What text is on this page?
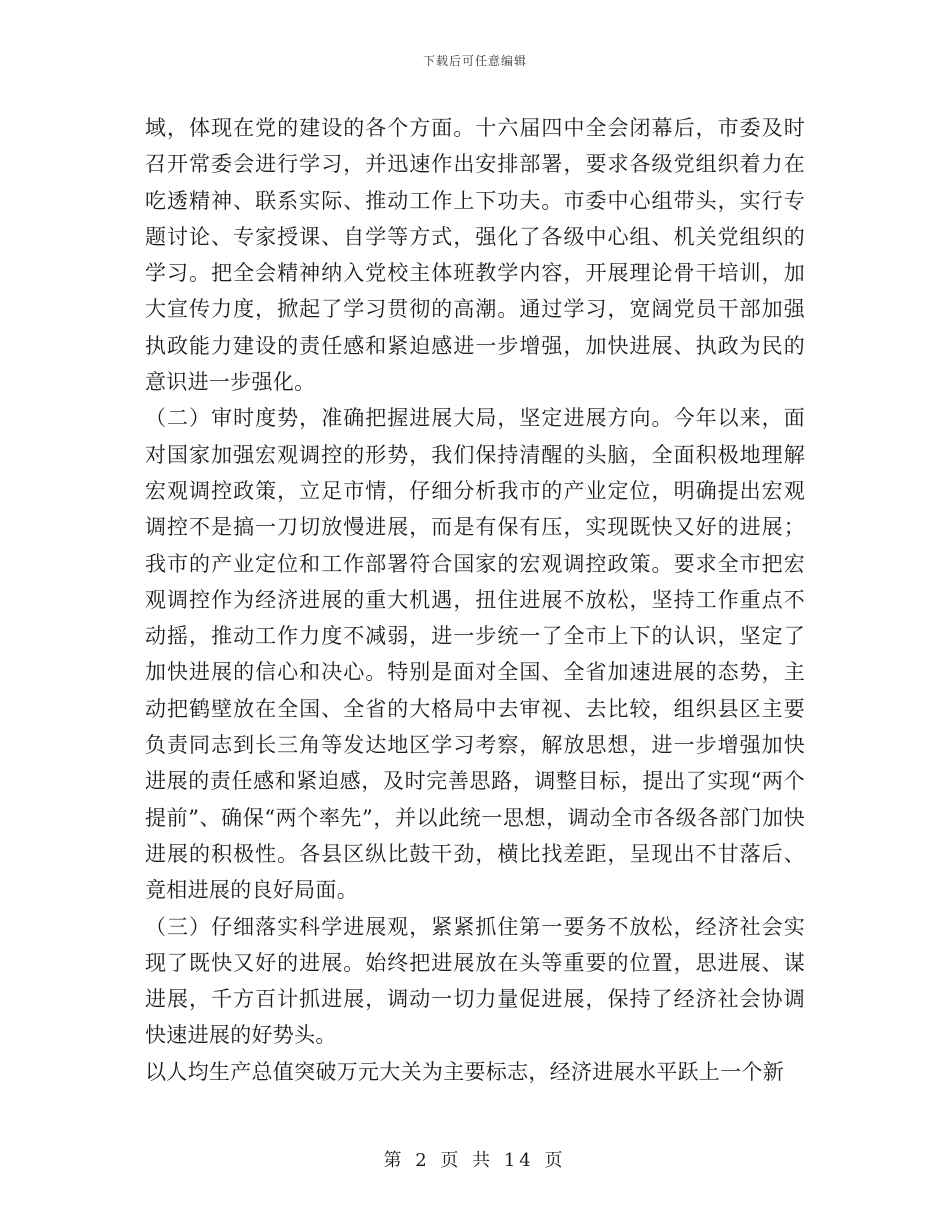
下载后可任意编辑

域，体现在党的建设的各个方面。十六届四中全会闭幕后，市委及时召开常委会进行学习，并迅速作出安排部署，要求各级党组织着力在吃透精神、联系实际、推动工作上下功夫。市委中心组带头，实行专题讨论、专家授课、自学等方式，强化了各级中心组、机关党组织的学习。把全会精神纳入党校主体班教学内容，开展理论骨干培训，加大宣传力度，掀起了学习贯彻的高潮。通过学习，宽阔党员干部加强执政能力建设的责任感和紧迫感进一步增强，加快进展、执政为民的意识进一步强化。

（二）审时度势，准确把握进展大局，坚定进展方向。今年以来，面对国家加强宏观调控的形势，我们保持清醒的头脑，全面积极地理解宏观调控政策，立足市情，仔细分析我市的产业定位，明确提出宏观调控不是搞一刀切放慢进展，而是有保有压，实现既快又好的进展；我市的产业定位和工作部署符合国家的宏观调控政策。要求全市把宏观调控作为经济进展的重大机遇，扭住进展不放松，坚持工作重点不动摇，推动工作力度不减弱，进一步统一了全市上下的认识，坚定了加快进展的信心和决心。特别是面对全国、全省加速进展的态势，主动把鹤壁放在全国、全省的大格局中去审视、去比较，组织县区主要负责同志到长三角等发达地区学习考察，解放思想，进一步增强加快进展的责任感和紧迫感，及时完善思路，调整目标，提出了实现“两个提前”、确保“两个率先”，并以此统一思想，调动全市各级各部门加快进展的积极性。各县区纵比鼓干劲，横比找差距，呈现出不甘落后、竟相进展的良好局面。

（三）仔细落实科学进展观，紧紧抓住第一要务不放松，经济社会实现了既快又好的进展。始终把进展放在头等重要的位置，思进展、谋进展，千方百计抓进展，调动一切力量促进展，保持了经济社会协调快速进展的好势头。

以人均生产总值突破万元大关为主要标志，经济进展水平跃上一个新

第 2 页 共 14 页
